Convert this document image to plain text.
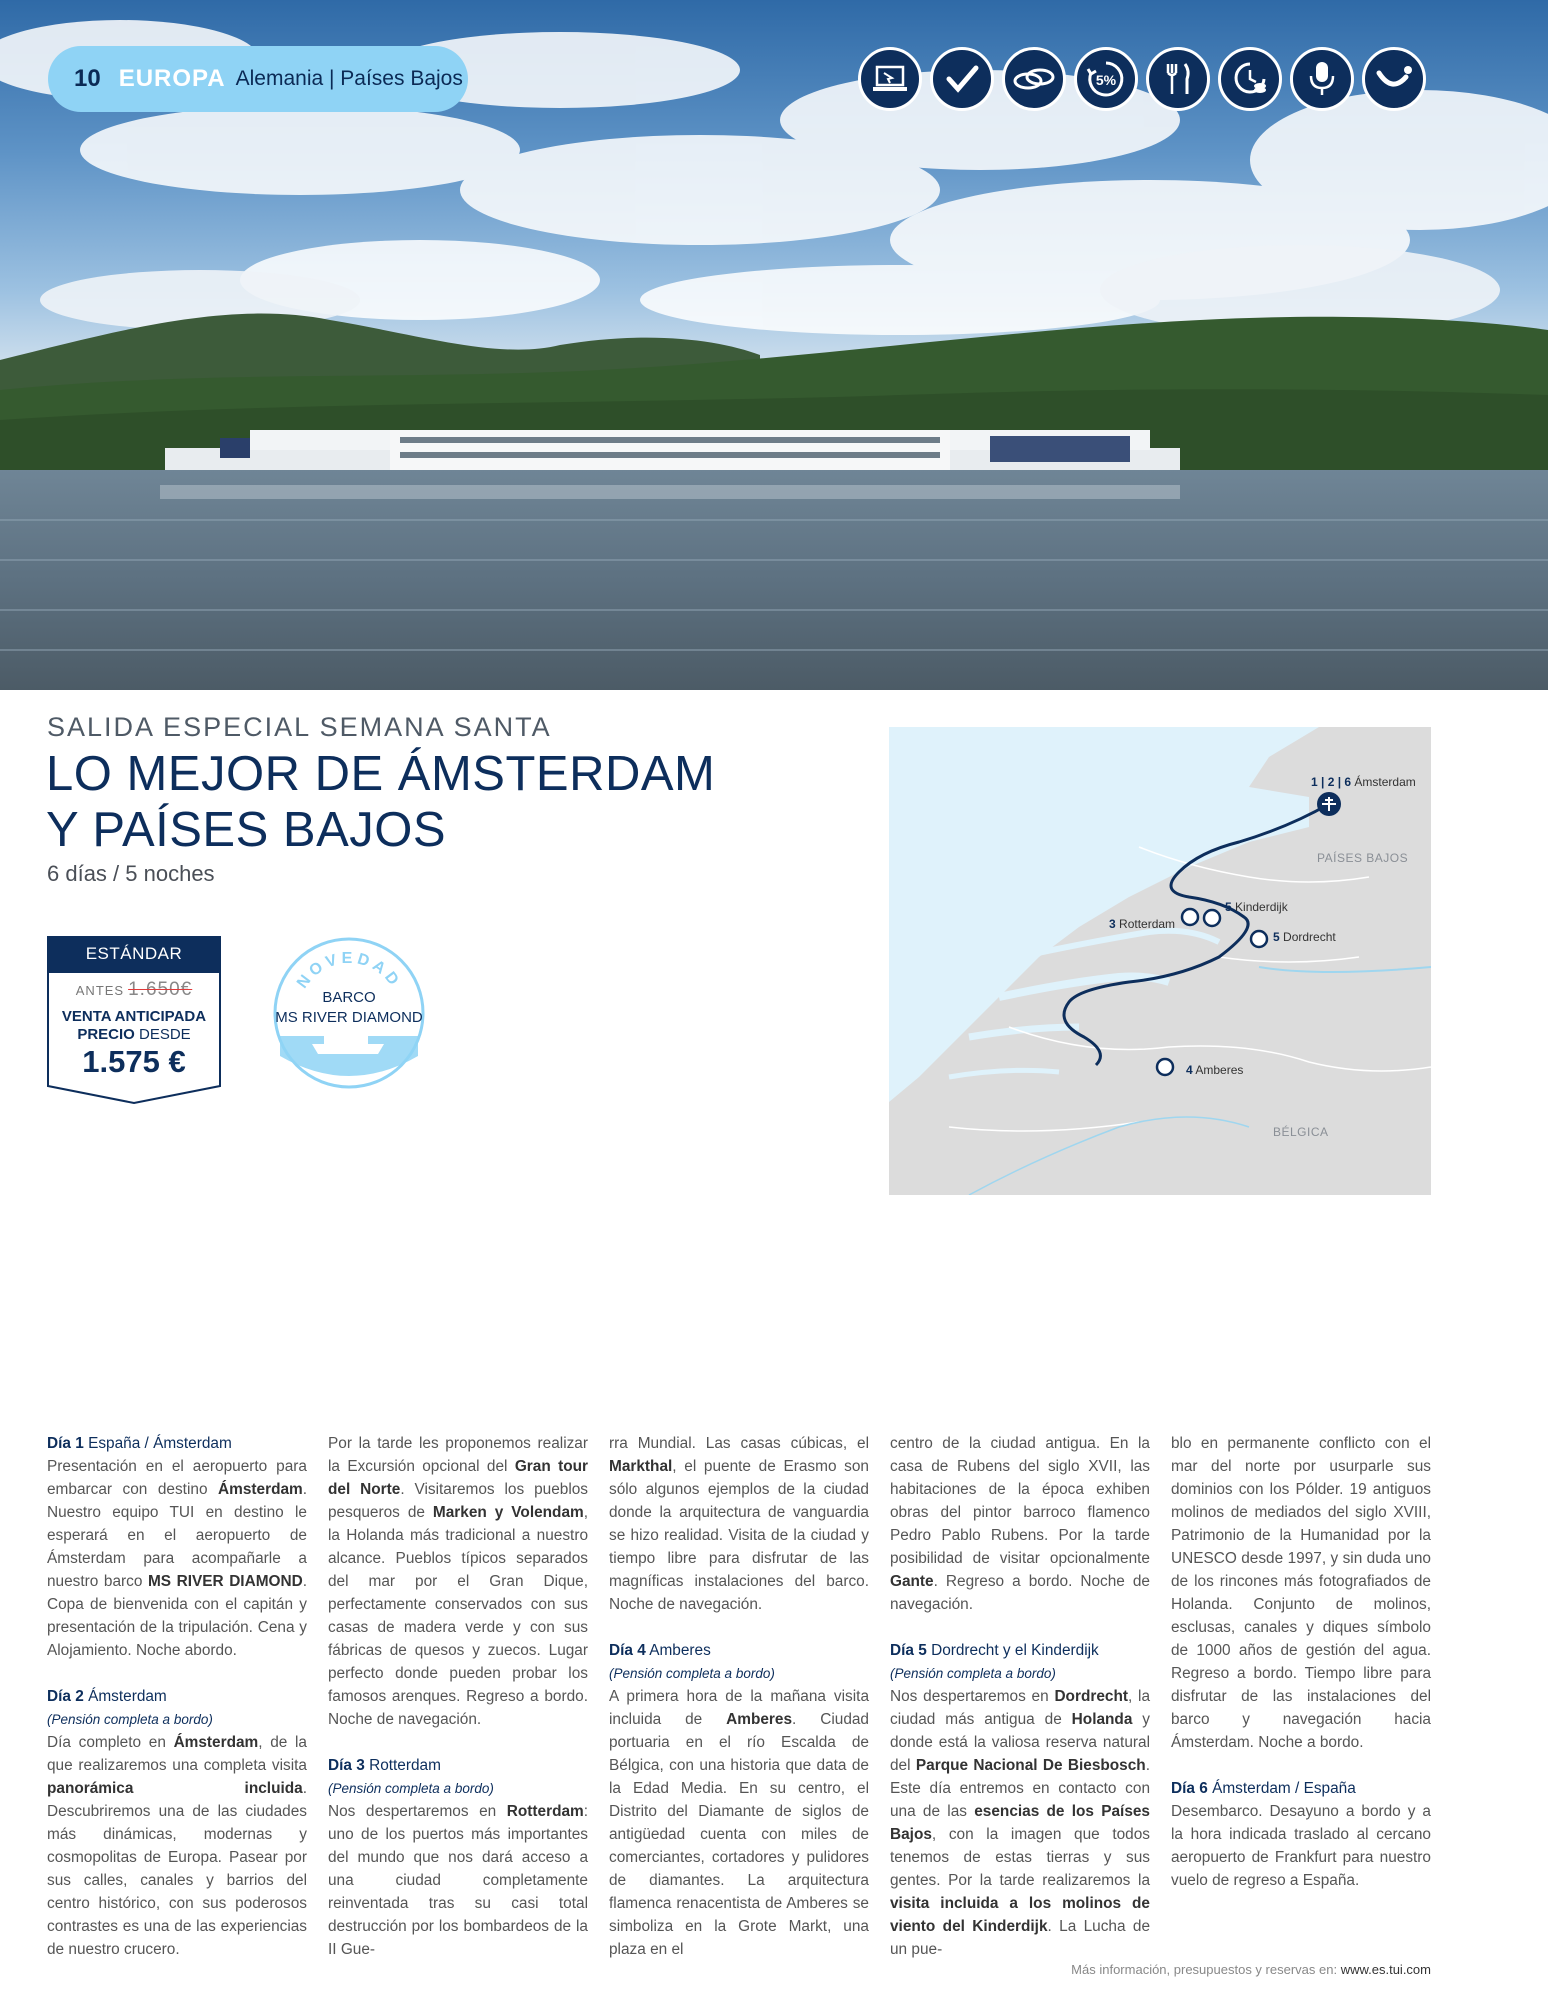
10 EUROPA Alemania | Países Bajos	5%
SALIDA ESPECIAL SEMANA SANTA
LO MEJOR DE ÁMSTERDAM
Y PAÍSES BAJOS
6 días / 5 noches
ESTÁNDAR
ANTES 1.650€
VENTA ANTICIPADA
PRECIO DESDE
1.575 €
NOVEDAD
BARCO
MS RIVER DIAMOND
1 | 2 | 6 Ámsterdam
5 Kinderdijk
3 Rotterdam
5 Dordrecht
4 Amberes
PAÍSES BAJOS
BÉLGICA

Día 1 España / Ámsterdam

Presentación en el aeropuerto para embarcar con destino Ámsterdam. Nuestro equipo TUI en destino le esperará en el aeropuerto de Ámsterdam para acompañarle a nuestro barco MS RIVER DIAMOND. Copa de bienvenida con el capitán y presentación de la tripulación. Cena y Alojamiento. Noche abordo.

Día 2 Ámsterdam

(Pensión completa a bordo)

Día completo en Ámsterdam, de la que realizaremos una completa visita panorámica incluida. Descubriremos una de las ciudades más dinámicas, modernas y cosmopolitas de Europa. Pasear por sus calles, canales y barrios del centro histórico, con sus poderosos contrastes es una de las experiencias de nuestro crucero.

Por la tarde les proponemos realizar la Excursión opcional del Gran tour del Norte. Visitaremos los pueblos pesqueros de Marken y Volendam, la Holanda más tradicional a nuestro alcance. Pueblos típicos separados del mar por el Gran Dique, perfectamente conservados con sus casas de madera verde y con sus fábricas de quesos y zuecos. Lugar perfecto donde pueden probar los famosos arenques. Regreso a bordo. Noche de navegación.

Día 3 Rotterdam

(Pensión completa a bordo)

Nos despertaremos en Rotterdam: uno de los puertos más importantes del mundo que nos dará acceso a una ciudad completamente reinventada tras su casi total destrucción por los bombardeos de la II Gue-

rra Mundial. Las casas cúbicas, el Markthal, el puente de Erasmo son sólo algunos ejemplos de la ciudad donde la arquitectura de vanguardia se hizo realidad. Visita de la ciudad y tiempo libre para disfrutar de las magníficas instalaciones del barco. Noche de navegación.

Día 4 Amberes

(Pensión completa a bordo)

A primera hora de la mañana visita incluida de Amberes. Ciudad portuaria en el río Escalda de Bélgica, con una historia que data de la Edad Media. En su centro, el Distrito del Diamante de siglos de antigüedad cuenta con miles de comerciantes, cortadores y pulidores de diamantes. La arquitectura flamenca renacentista de Amberes se simboliza en la Grote Markt, una plaza en el

centro de la ciudad antigua. En la casa de Rubens del siglo XVII, las habitaciones de la época exhiben obras del pintor barroco flamenco Pedro Pablo Rubens. Por la tarde posibilidad de visitar opcionalmente Gante. Regreso a bordo. Noche de navegación.

Día 5 Dordrecht y el Kinderdijk

(Pensión completa a bordo)

Nos despertaremos en Dordrecht, la ciudad más antigua de Holanda y donde está la valiosa reserva natural del Parque Nacional De Biesbosch. Este día entremos en contacto con una de las esencias de los Países Bajos, con la imagen que todos tenemos de estas tierras y sus gentes. Por la tarde realizaremos la visita incluida a los molinos de viento del Kinderdijk. La Lucha de un pue-

blo en permanente conflicto con el mar del norte por usurparle sus dominios con los Pólder. 19 antiguos molinos de mediados del siglo XVIII, Patrimonio de la Humanidad por la UNESCO desde 1997, y sin duda uno de los rincones más fotografiados de Holanda. Conjunto de molinos, esclusas, canales y diques símbolo de 1000 años de gestión del agua. Regreso a bordo. Tiempo libre para disfrutar de las instalaciones del barco y navegación hacia Ámsterdam. Noche a bordo.

Día 6 Ámsterdam / España

Desembarco. Desayuno a bordo y a la hora indicada traslado al cercano aeropuerto de Frankfurt para nuestro vuelo de regreso a España.

Más información, presupuestos y reservas en: www.es.tui.com
